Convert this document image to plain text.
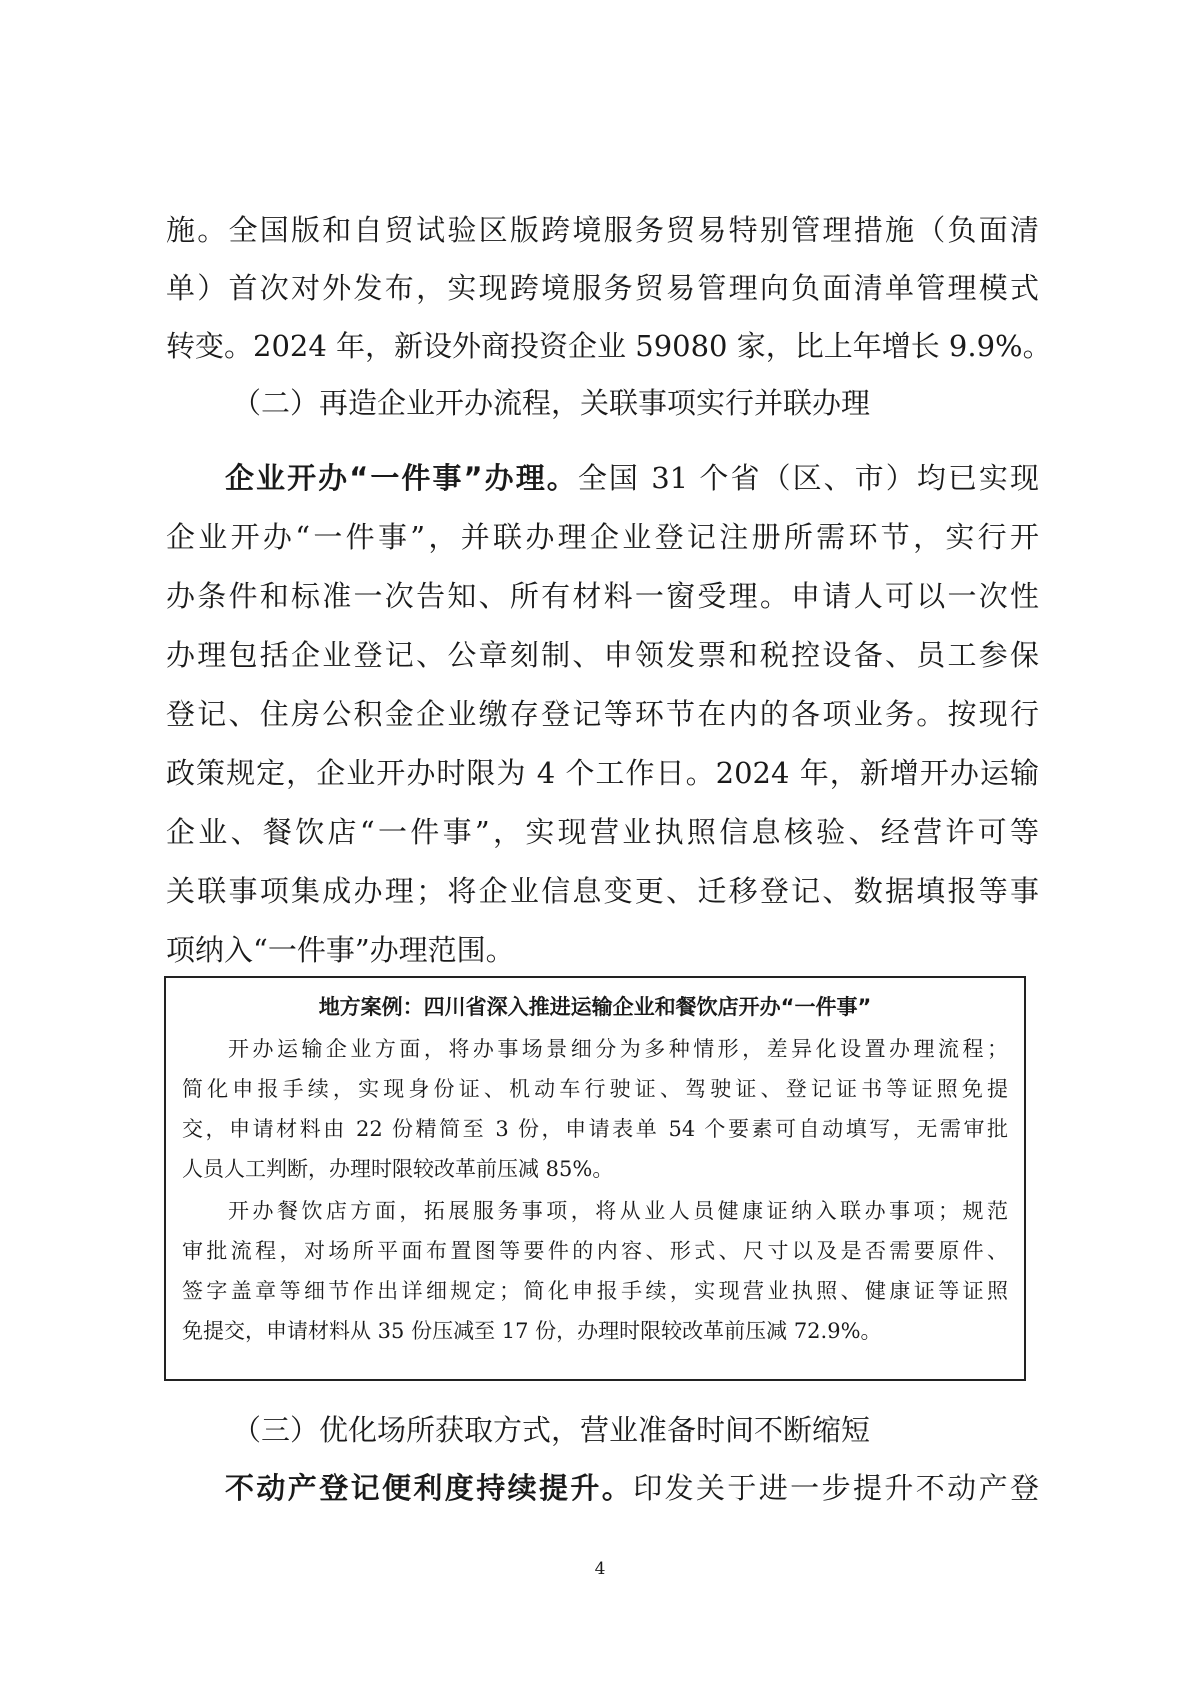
施。全国版和自贸试验区版跨境服务贸易特别管理措施（负面清
单）首次对外发布，实现跨境服务贸易管理向负面清单管理模式
转变。2024 年，新设外商投资企业 59080 家，比上年增长 9.9%。
（二）再造企业开办流程，关联事项实行并联办理
企业开办“一件事”办理。全国 31 个省（区、市）均已实现
企业开办“一件事”，并联办理企业登记注册所需环节，实行开
办条件和标准一次告知、所有材料一窗受理。申请人可以一次性
办理包括企业登记、公章刻制、申领发票和税控设备、员工参保
登记、住房公积金企业缴存登记等环节在内的各项业务。按现行
政策规定，企业开办时限为 4 个工作日。2024 年，新增开办运输
企业、餐饮店“一件事”，实现营业执照信息核验、经营许可等
关联事项集成办理；将企业信息变更、迁移登记、数据填报等事
项纳入“一件事”办理范围。
地方案例：四川省深入推进运输企业和餐饮店开办“一件事”
开办运输企业方面，将办事场景细分为多种情形，差异化设置办理流程；
简化申报手续，实现身份证、机动车行驶证、驾驶证、登记证书等证照免提
交，申请材料由 22 份精简至 3 份，申请表单 54 个要素可自动填写，无需审批
人员人工判断，办理时限较改革前压减 85%。
开办餐饮店方面，拓展服务事项，将从业人员健康证纳入联办事项；规范
审批流程，对场所平面布置图等要件的内容、形式、尺寸以及是否需要原件、
签字盖章等细节作出详细规定；简化申报手续，实现营业执照、健康证等证照
免提交，申请材料从 35 份压减至 17 份，办理时限较改革前压减 72.9%。
（三）优化场所获取方式，营业准备时间不断缩短
不动产登记便利度持续提升。印发关于进一步提升不动产登
4
